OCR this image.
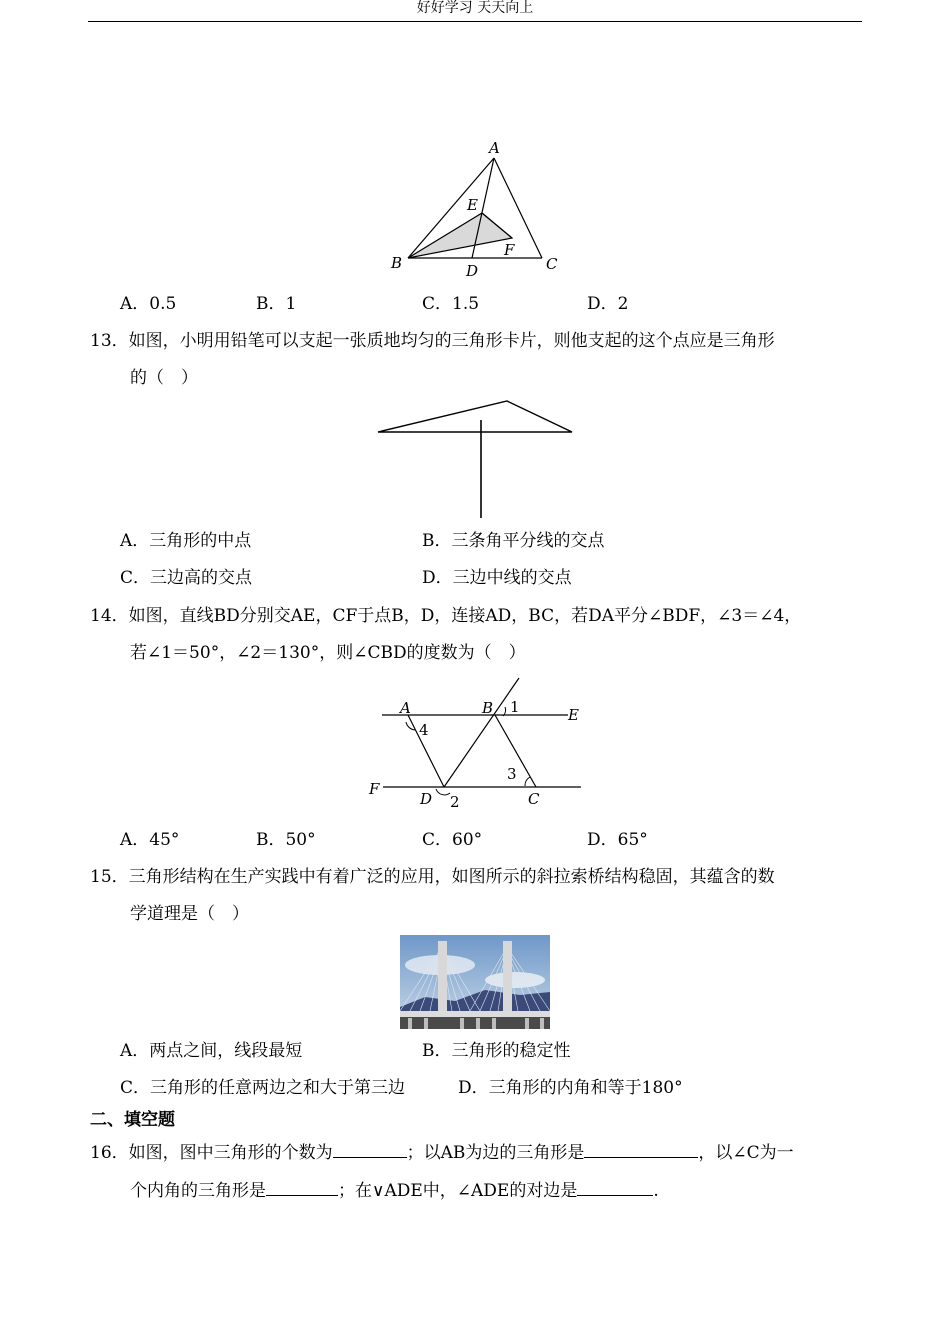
好好学习 天天向上
A
E
F
B	D	C
A．0.5	B．1	C．1.5	D．2
13．如图，小明用铅笔可以支起一张质地均匀的三角形卡片，则他支起的这个点应是三角形
的（　）
A．三角形的中点	B．三条角平分线的交点
C．三边高的交点	D．三边中线的交点
14．如图，直线BD分别交AE，CF于点B，D，连接AD，BC，若DA平分∠BDF，∠3＝∠4，
若∠1＝50°，∠2＝130°，则∠CBD的度数为（　）
A	B 1	E
4
3
F
D 2	C
A．45°	B．50°	C．60°	D．65°
15．三角形结构在生产实践中有着广泛的应用，如图所示的斜拉索桥结构稳固，其蕴含的数
学道理是（　）
A．两点之间，线段最短	B．三角形的稳定性
C．三角形的任意两边之和大于第三边	D．三角形的内角和等于180°
二、填空题
16．如图，图中三角形的个数为	；以AB为边的三角形是	，以∠C为一
个内角的三角形是	；在∨ADE中，∠ADE的对边是	.
